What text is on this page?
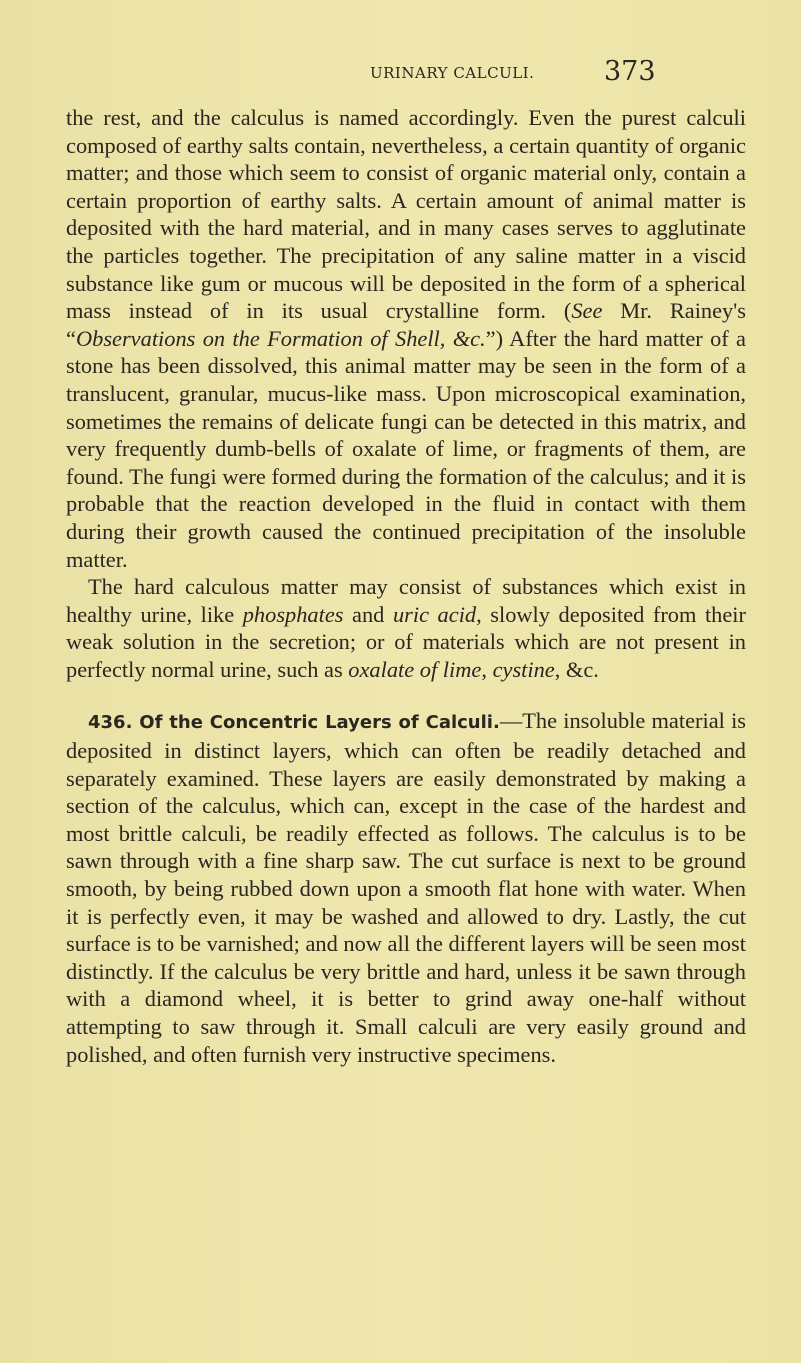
URINARY CALCULI.	373

the rest, and the calculus is named accordingly. Even the purest calculi composed of earthy salts contain, nevertheless, a certain quantity of organic matter; and those which seem to consist of organic material only, contain a certain proportion of earthy salts. A certain amount of animal matter is deposited with the hard material, and in many cases serves to agglutinate the particles together. The precipitation of any saline matter in a viscid substance like gum or mucous will be deposited in the form of a spherical mass instead of in its usual crystalline form. (See Mr. Rainey's “Observations on the Formation of Shell, &c.”) After the hard matter of a stone has been dissolved, this animal matter may be seen in the form of a translucent, granular, mucus-like mass. Upon microscopical examination, sometimes the remains of delicate fungi can be detected in this matrix, and very frequently dumb-bells of oxalate of lime, or fragments of them, are found. The fungi were formed during the formation of the calculus; and it is probable that the reaction developed in the fluid in contact with them during their growth caused the continued precipitation of the insoluble matter.

The hard calculous matter may consist of substances which exist in healthy urine, like phosphates and uric acid, slowly deposited from their weak solution in the secretion; or of materials which are not present in perfectly normal urine, such as oxalate of lime, cystine, &c.

436. Of the Concentric Layers of Calculi.—The insoluble material is deposited in distinct layers, which can often be readily detached and separately examined. These layers are easily demonstrated by making a section of the calculus, which can, except in the case of the hardest and most brittle calculi, be readily effected as follows. The calculus is to be sawn through with a fine sharp saw. The cut surface is next to be ground smooth, by being rubbed down upon a smooth flat hone with water. When it is perfectly even, it may be washed and allowed to dry. Lastly, the cut surface is to be varnished; and now all the different layers will be seen most distinctly. If the calculus be very brittle and hard, unless it be sawn through with a diamond wheel, it is better to grind away one-half without attempting to saw through it. Small calculi are very easily ground and polished, and often furnish very instructive specimens.
